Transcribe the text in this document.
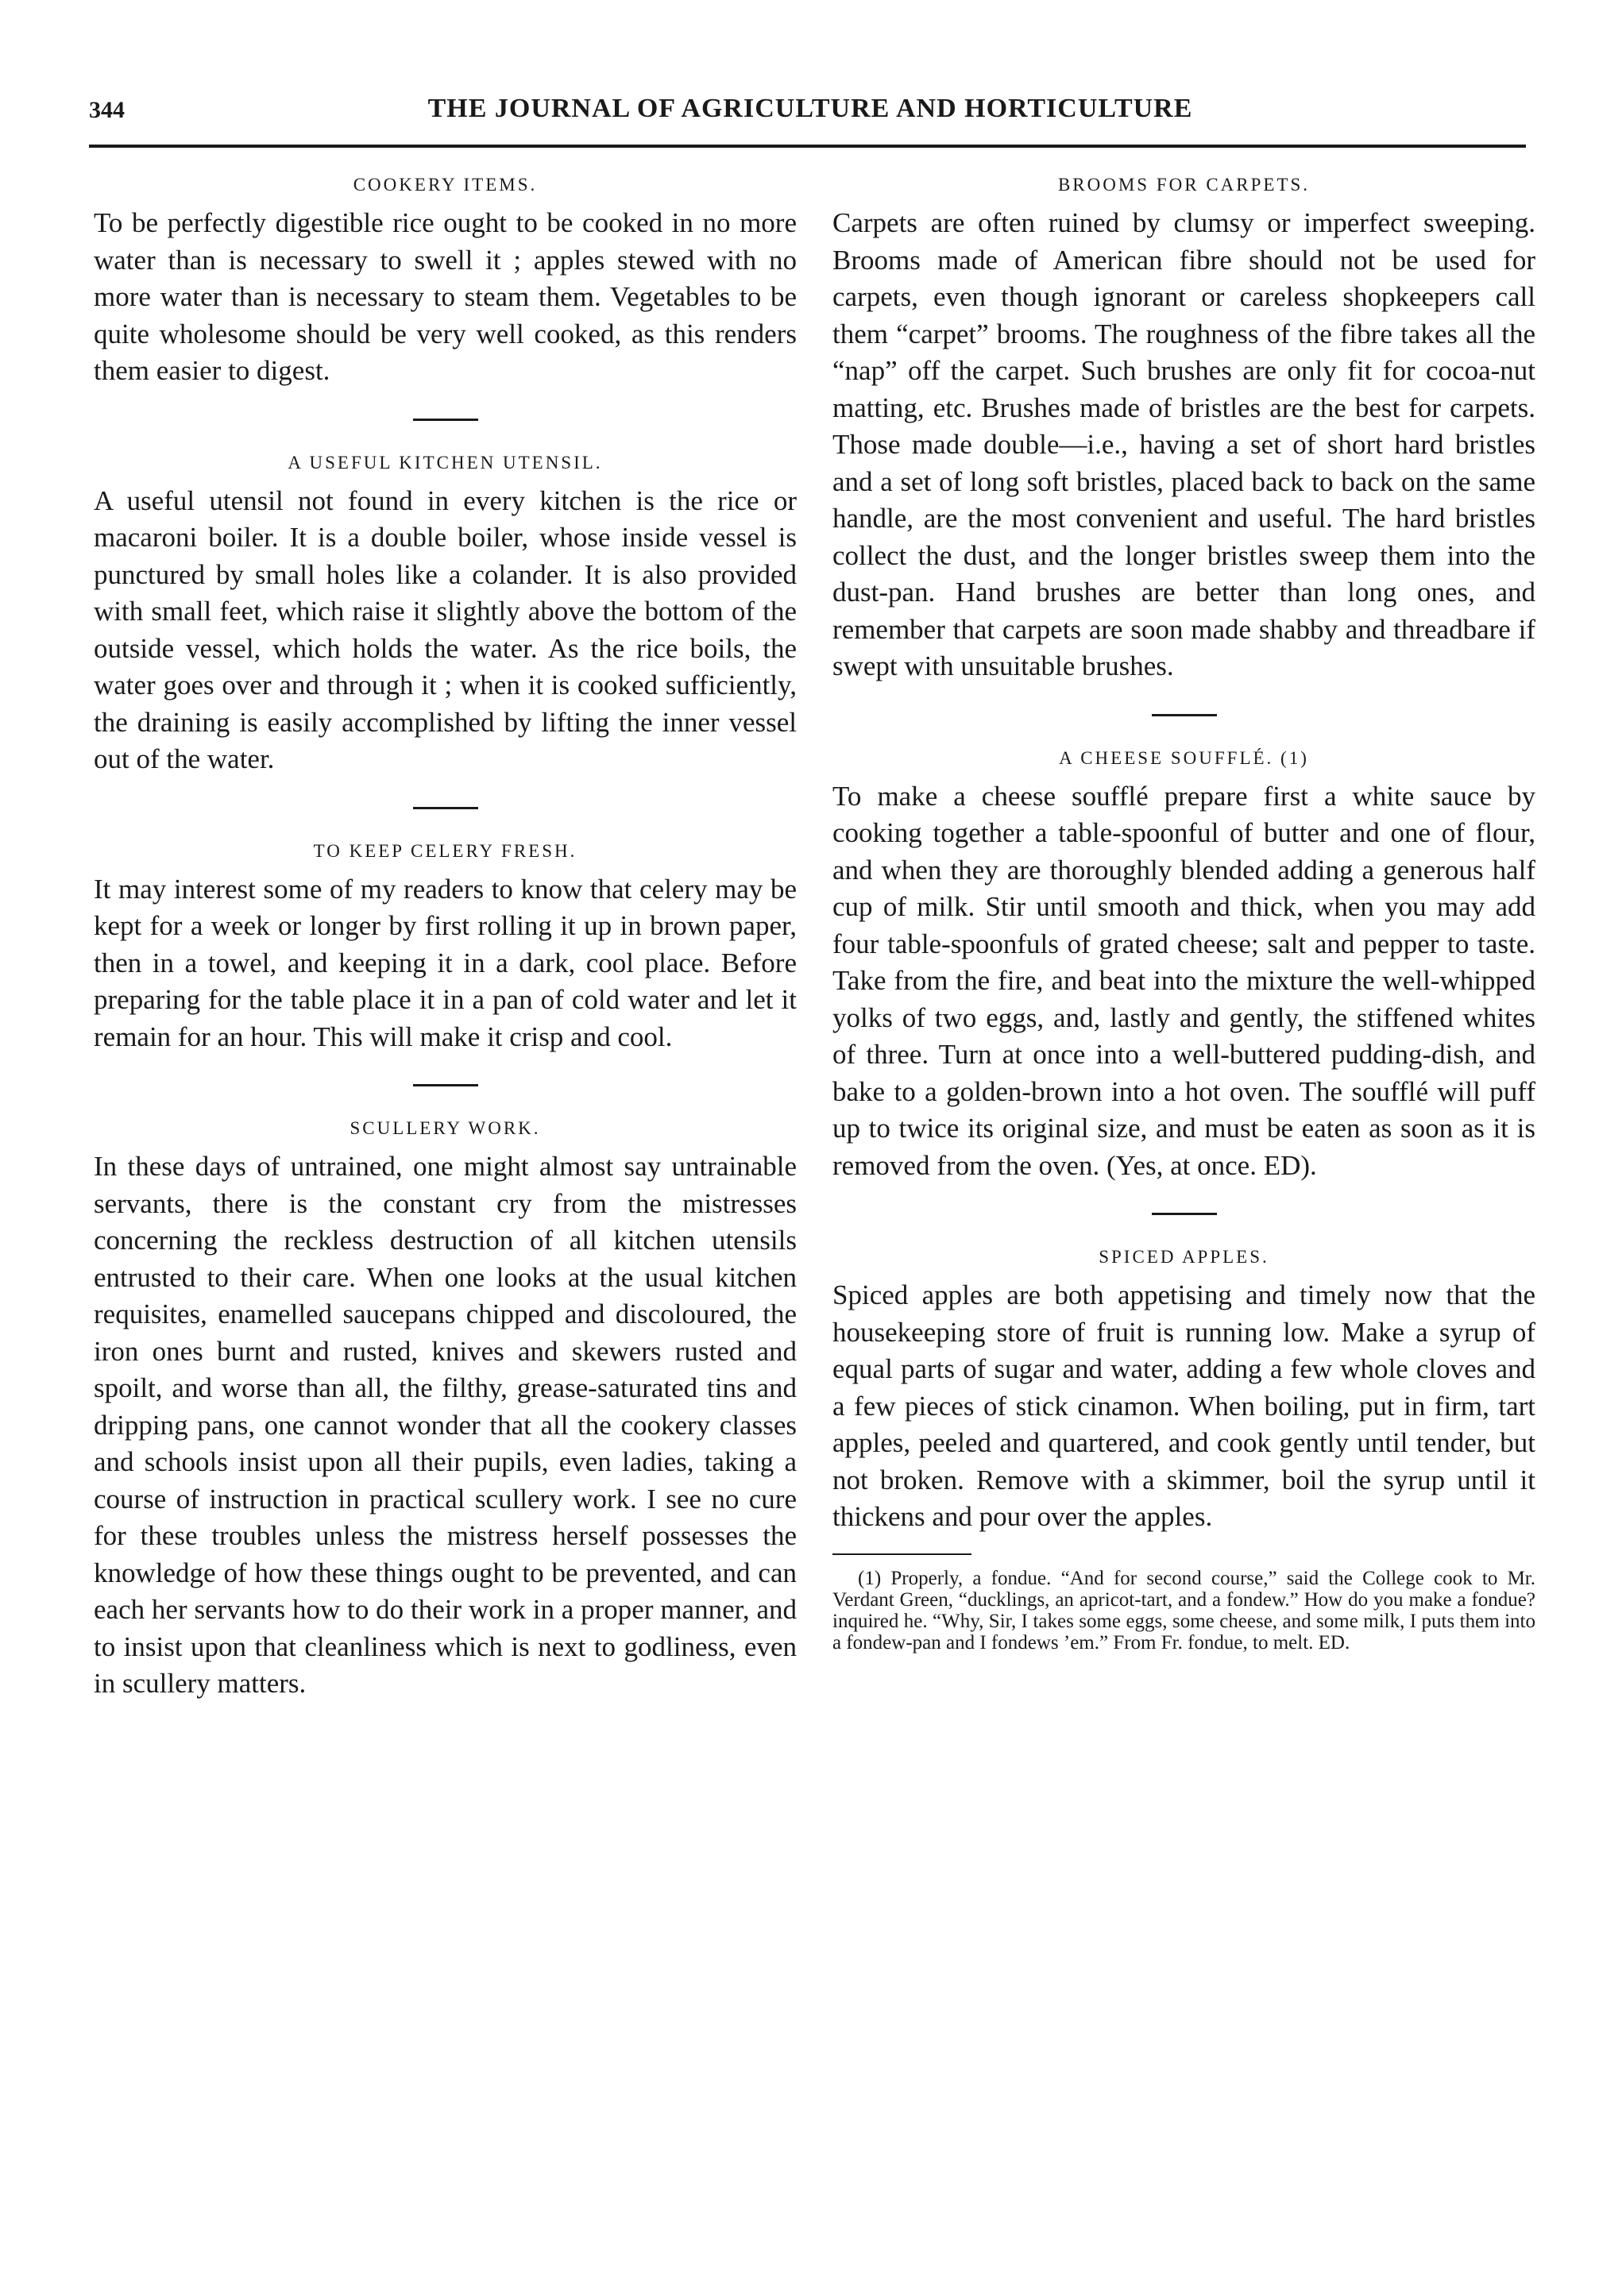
344	THE JOURNAL OF AGRICULTURE AND HORTICULTURE
COOKERY ITEMS.

To be perfectly digestible rice ought to be cooked in no more water than is necessary to swell it ; apples stewed with no more water than is necessary to steam them. Vegetables to be quite wholesome should be very well cooked, as this renders them easier to digest.

A USEFUL KITCHEN UTENSIL.

A useful utensil not found in every kitchen is the rice or macaroni boiler. It is a double boiler, whose inside vessel is punctured by small holes like a colander. It is also provided with small feet, which raise it slightly above the bottom of the outside vessel, which holds the water. As the rice boils, the water goes over and through it ; when it is cooked sufficiently, the draining is easily accomplished by lifting the inner vessel out of the water.

TO KEEP CELERY FRESH.

It may interest some of my readers to know that celery may be kept for a week or longer by first rolling it up in brown paper, then in a towel, and keeping it in a dark, cool place. Before preparing for the table place it in a pan of cold water and let it remain for an hour. This will make it crisp and cool.

SCULLERY WORK.

In these days of untrained, one might almost say untrainable servants, there is the constant cry from the mistresses concerning the reckless destruction of all kitchen utensils entrusted to their care. When one looks at the usual kitchen requisites, enamelled saucepans chipped and discoloured, the iron ones burnt and rusted, knives and skewers rusted and spoilt, and worse than all, the filthy, grease-saturated tins and dripping pans, one cannot wonder that all the cookery classes and schools insist upon all their pupils, even ladies, taking a course of instruction in practical scullery work. I see no cure for these troubles unless the mistress herself possesses the knowledge of how these things ought to be prevented, and can each her servants how to do their work in a proper manner, and to insist upon that cleanliness which is next to godliness, even in scullery matters.

BROOMS FOR CARPETS.

Carpets are often ruined by clumsy or imperfect sweeping. Brooms made of American fibre should not be used for carpets, even though ignorant or careless shopkeepers call them “carpet” brooms. The roughness of the fibre takes all the “nap” off the carpet. Such brushes are only fit for cocoa-nut matting, etc. Brushes made of bristles are the best for carpets. Those made double—i.e., having a set of short hard bristles and a set of long soft bristles, placed back to back on the same handle, are the most convenient and useful. The hard bristles collect the dust, and the longer bristles sweep them into the dust-pan. Hand brushes are better than long ones, and remember that carpets are soon made shabby and threadbare if swept with unsuitable brushes.

A CHEESE SOUFFLÉ. (1)

To make a cheese soufflé prepare first a white sauce by cooking together a table-spoonful of butter and one of flour, and when they are thoroughly blended adding a generous half cup of milk. Stir until smooth and thick, when you may add four table-spoonfuls of grated cheese; salt and pepper to taste. Take from the fire, and beat into the mixture the well-whipped yolks of two eggs, and, lastly and gently, the stiffened whites of three. Turn at once into a well-buttered pudding-dish, and bake to a golden-brown into a hot oven. The soufflé will puff up to twice its original size, and must be eaten as soon as it is removed from the oven. (Yes, at once. ED).

SPICED APPLES.

Spiced apples are both appetising and timely now that the housekeeping store of fruit is running low. Make a syrup of equal parts of sugar and water, adding a few whole cloves and a few pieces of stick cinamon. When boiling, put in firm, tart apples, peeled and quartered, and cook gently until tender, but not broken. Remove with a skimmer, boil the syrup until it thickens and pour over the apples.

(1) Properly, a fondue. “And for second course,” said the College cook to Mr. Verdant Green, “ducklings, an apricot-tart, and a fondew.” How do you make a fondue? inquired he. “Why, Sir, I takes some eggs, some cheese, and some milk, I puts them into a fondew-pan and I fondews ’em.” From Fr. fondue, to melt. ED.
